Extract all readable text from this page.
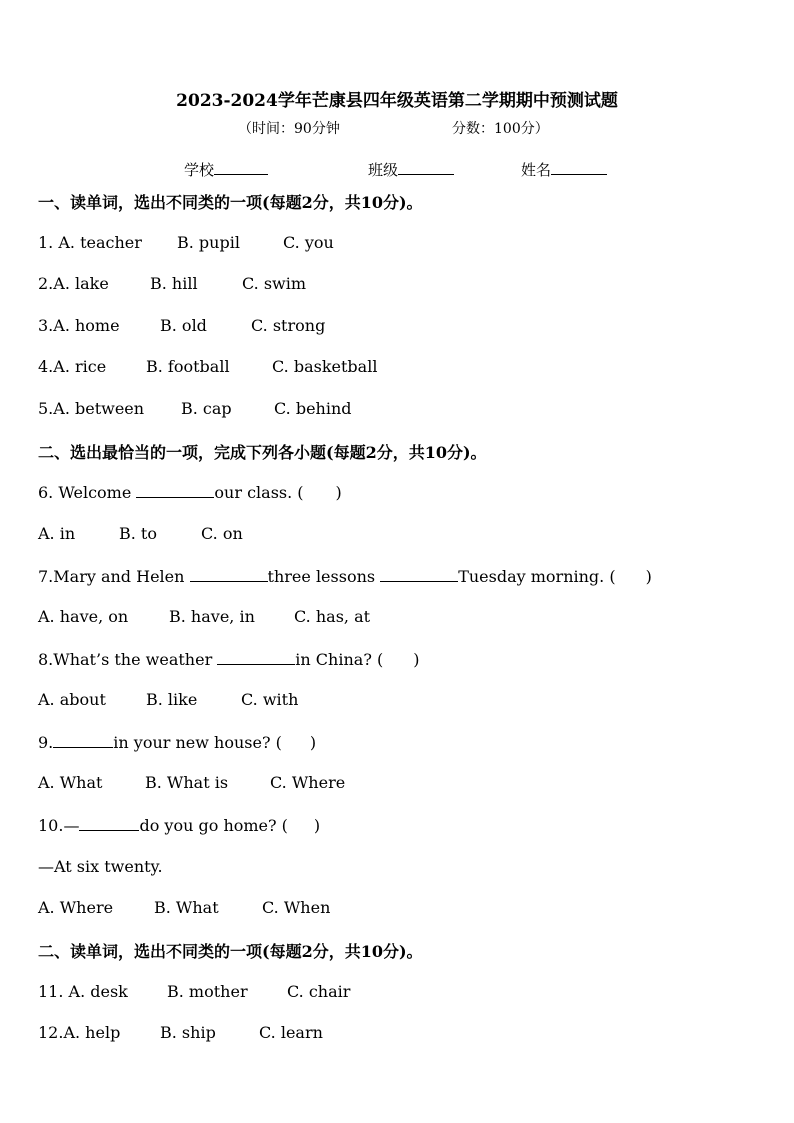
2023-2024学年芒康县四年级英语第二学期期中预测试题
（时间：90分钟	分数：100分）
学校	班级	姓名
一、读单词，选出不同类的一项(每题2分，共10分)。
1. A. teacher B. pupil	C. you
2.A. lake	B. hill	C. swim
3.A. home	B. old	C. strong
4.A. rice B. football	C. basketball
5.A. between B. cap	C. behind
二、选出最恰当的一项，完成下列各小题(每题2分，共10分)。
6. Welcome	our class. ( )
A. in	B. to	C. on
7.Mary and Helen	three lessons	Tuesday morning. ( )
A. have, on	B. have, in C. has, at
8.What’s the weather	in China? ( )
A. about	B. like	C. with
9.	in your new house? ( )
A. What	B. What is	C. Where
10.—	do you go home? ( )
—At six twenty.
A. Where	B. What	C. When
二、读单词，选出不同类的一项(每题2分，共10分)。
11. A. desk B. mother C. chair
12.A. help B. ship	C. learn
